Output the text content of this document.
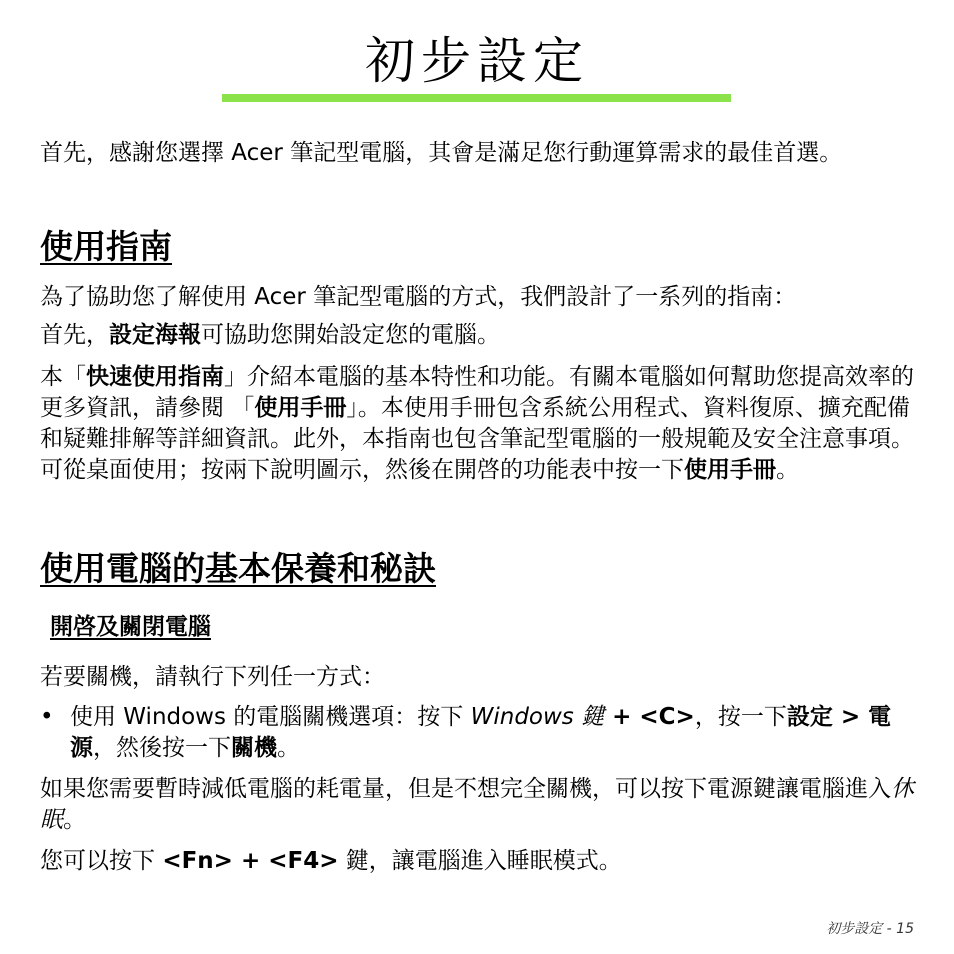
初步設定

首先，感謝您選擇 Acer 筆記型電腦，其會是滿足您行動運算需求的最佳首選。

使用指南

為了協助您了解使用 Acer 筆記型電腦的方式，我們設計了一系列的指南：

首先，設定海報可協助您開始設定您的電腦。

本「快速使用指南」介紹本電腦的基本特性和功能。有關本電腦如何幫助您提高效率的更多資訊，請參閱 「使用手冊」。本使用手冊包含系統公用程式、資料復原、擴充配備和疑難排解等詳細資訊。此外，本指南也包含筆記型電腦的一般規範及安全注意事項。可從桌面使用；按兩下說明圖示，然後在開啓的功能表中按一下使用手冊。

使用電腦的基本保養和秘訣
開啓及關閉電腦

若要關機，請執行下列任一方式：

• 使用 Windows 的電腦關機選項：按下 Windows 鍵 + <C>，按一下設定 > 電源，然後按一下關機。

如果您需要暫時減低電腦的耗電量，但是不想完全關機，可以按下電源鍵讓電腦進入休眠。

您可以按下 <Fn> + <F4> 鍵，讓電腦進入睡眠模式。

初步設定 - 15
